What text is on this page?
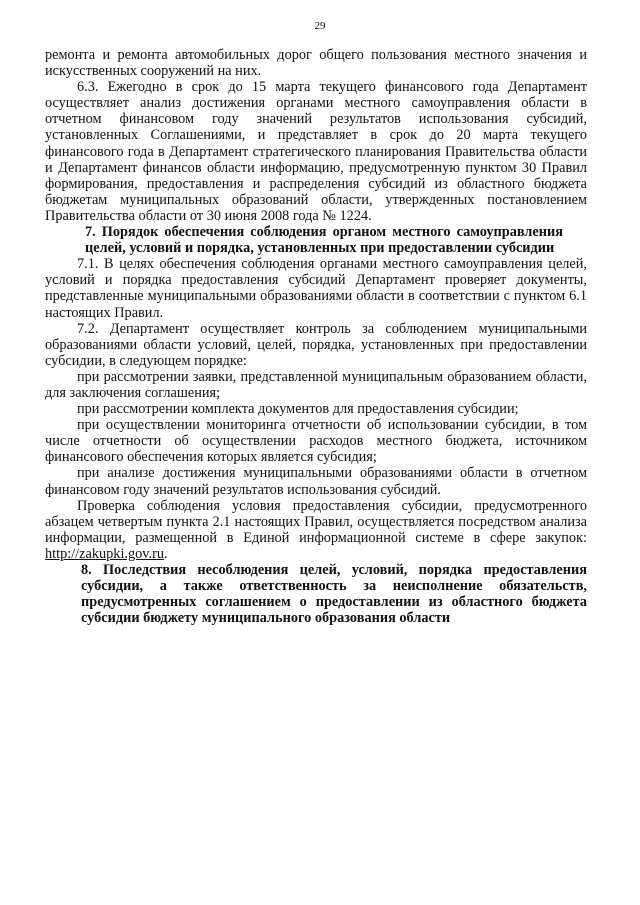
29

ремонта и ремонта автомобильных дорог общего пользования местного значения и искусственных сооружений на них.

6.3. Ежегодно в срок до 15 марта текущего финансового года Департамент осуществляет анализ достижения органами местного самоуправления области в отчетном финансовом году значений результатов использования субсидий, установленных Соглашениями, и представляет в срок до 20 марта текущего финансового года в Департамент стратегического планирования Правительства области и Департамент финансов области информацию, предусмотренную пунктом 30 Правил формирования, предоставления и распределения субсидий из областного бюджета бюджетам муниципальных образований области, утвержденных постановлением Правительства области от 30 июня 2008 года № 1224.

7. Порядок обеспечения соблюдения органом местного самоуправления целей, условий и порядка, установленных при предоставлении субсидии

7.1. В целях обеспечения соблюдения органами местного самоуправления целей, условий и порядка предоставления субсидий Департамент проверяет документы, представленные муниципальными образованиями области в соответствии с пунктом 6.1 настоящих Правил.

7.2. Департамент осуществляет контроль за соблюдением муниципальными образованиями области условий, целей, порядка, установленных при предоставлении субсидии, в следующем порядке:

при рассмотрении заявки, представленной муниципальным образованием области, для заключения соглашения;

при рассмотрении комплекта документов для предоставления субсидии;

при осуществлении мониторинга отчетности об использовании субсидии, в том числе отчетности об осуществлении расходов местного бюджета, источником финансового обеспечения которых является субсидия;

при анализе достижения муниципальными образованиями области в отчетном финансовом году значений результатов использования субсидий.

Проверка соблюдения условия предоставления субсидии, предусмотренного абзацем четвертым пункта 2.1 настоящих Правил, осуществляется посредством анализа информации, размещенной в Единой информационной системе в сфере закупок: http://zakupki.gov.ru.

8. Последствия несоблюдения целей, условий, порядка предоставления субсидии, а также ответственность за неисполнение обязательств, предусмотренных соглашением о предоставлении из областного бюджета субсидии бюджету муниципального образования области
